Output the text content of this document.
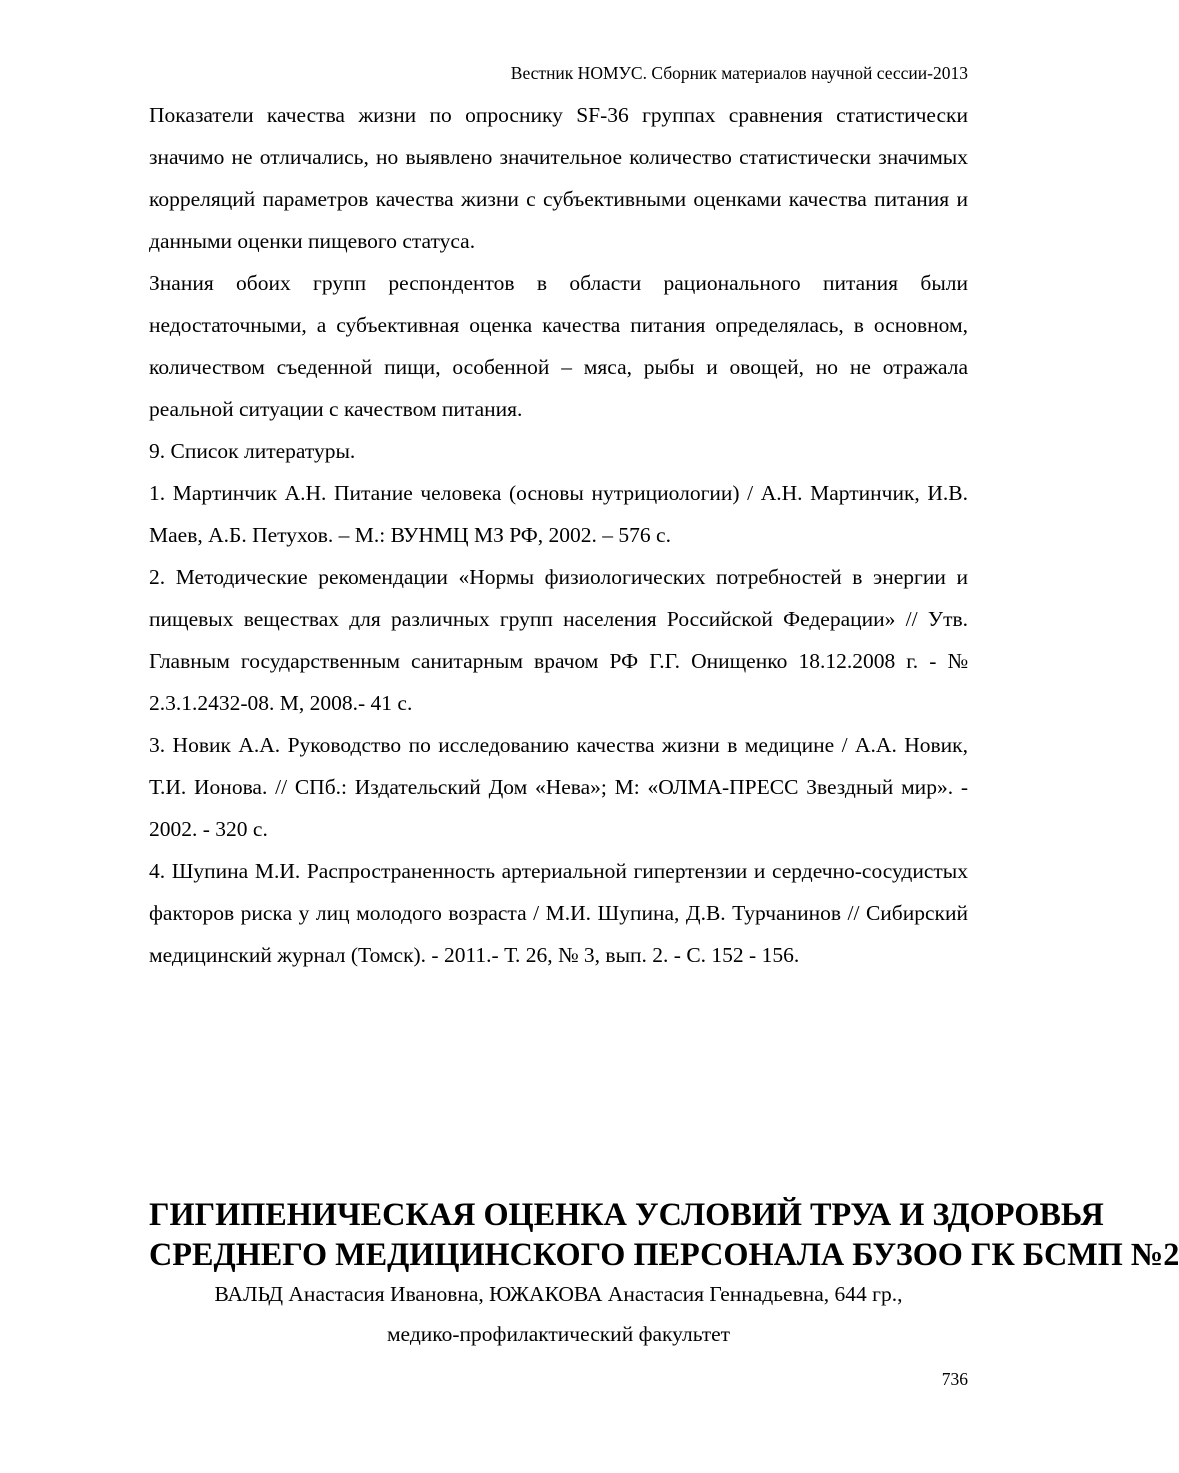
Вестник НОМУС. Сборник материалов научной сессии-2013

Показатели качества жизни по опроснику SF-36 группах сравнения статистически значимо не отличались, но выявлено значительное количество статистически значимых корреляций параметров качества жизни с субъективными оценками качества питания и данными оценки пищевого статуса.

Знания обоих групп респондентов в области рационального питания были недостаточными, а субъективная оценка качества питания определялась, в основном, количеством съеденной пищи, особенной – мяса, рыбы и овощей, но не отражала реальной ситуации с качеством питания.

9. Список литературы.

1. Мартинчик А.Н. Питание человека (основы нутрициологии) / А.Н. Мартинчик, И.В. Маев, А.Б. Петухов. – М.: ВУНМЦ МЗ РФ, 2002. – 576 с.

2. Методические рекомендации «Нормы физиологических потребностей в энергии и пищевых веществах для различных групп населения Российской Федерации» // Утв. Главным государственным санитарным врачом РФ Г.Г. Онищенко 18.12.2008 г. - № 2.3.1.2432-08. М, 2008.- 41 с.

3. Новик А.А. Руководство по исследованию качества жизни в медицине / А.А. Новик, Т.И. Ионова. // СПб.: Издательский Дом «Нева»; М: «ОЛМА-ПРЕСС Звездный мир». - 2002. - 320 с.

4. Шупина М.И. Распространенность артериальной гипертензии и сердечно-сосудистых факторов риска у лиц молодого возраста / М.И. Шупина, Д.В. Турчанинов // Сибирский медицинский журнал (Томск). - 2011.- Т. 26, № 3, вып. 2. - С. 152 - 156.

ГИГИПЕНИЧЕСКАЯ ОЦЕНКА УСЛОВИЙ ТРУА И ЗДОРОВЬЯ
СРЕДНЕГО МЕДИЦИНСКОГО ПЕРСОНАЛА БУЗОО ГК БСМП №2

ВАЛЬД Анастасия Ивановна, ЮЖАКОВА Анастасия Геннадьевна, 644 гр.,

медико-профилактический факультет

736
